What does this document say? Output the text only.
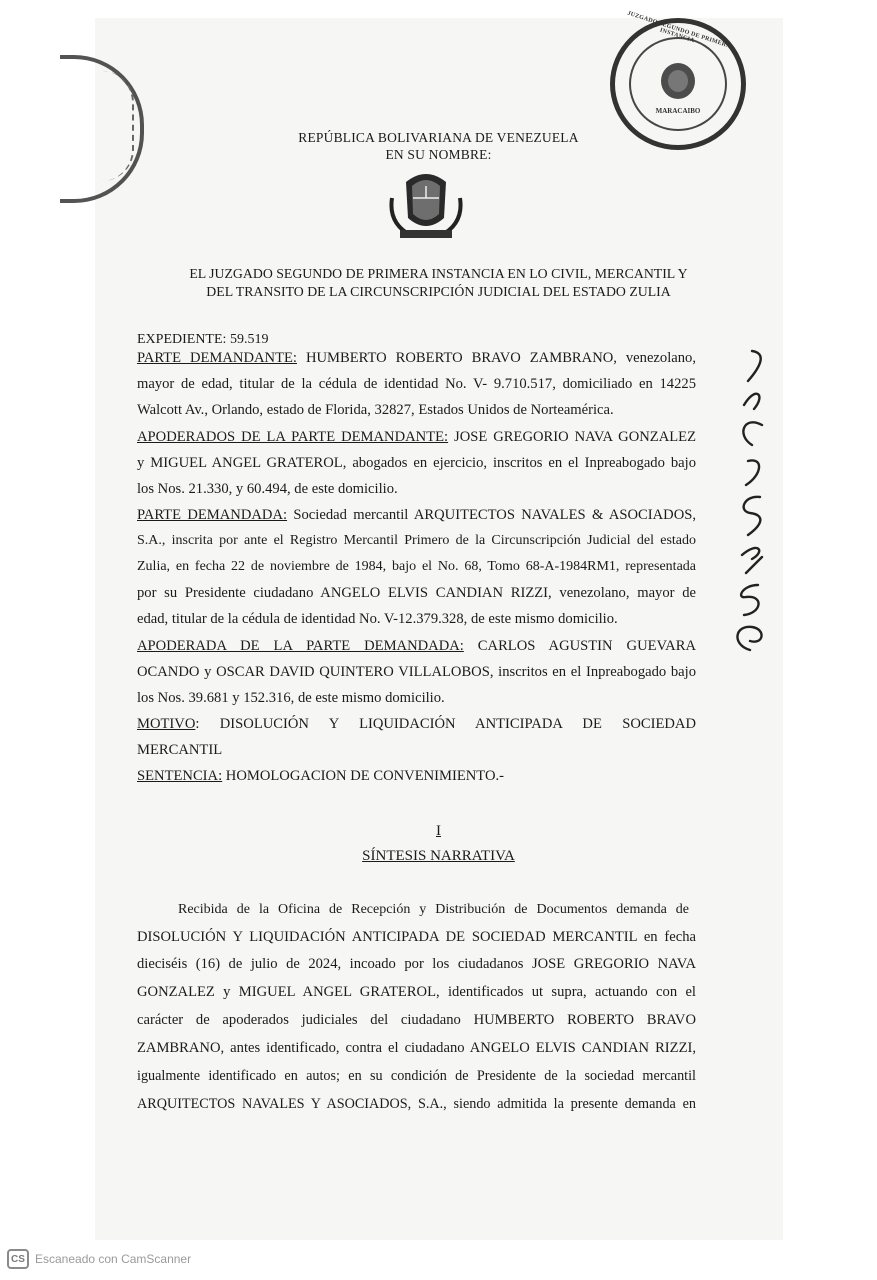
JUZGADO SEGUNDO DE PRIMERA INSTANCIA
MARACAIBO
REPÚBLICA BOLIVARIANA DE VENEZUELA
EN SU NOMBRE:
EL JUZGADO SEGUNDO DE PRIMERA INSTANCIA EN LO CIVIL, MERCANTIL Y
DEL TRANSITO DE LA CIRCUNSCRIPCIÓN JUDICIAL DEL ESTADO ZULIA
EXPEDIENTE: 59.519
PARTE DEMANDANTE: HUMBERTO ROBERTO BRAVO ZAMBRANO, venezolano,
mayor de edad, titular de la cédula de identidad No. V- 9.710.517, domiciliado en 14225
Walcott Av., Orlando, estado de Florida, 32827, Estados Unidos de Norteamérica.
APODERADOS DE LA PARTE DEMANDANTE: JOSE GREGORIO NAVA GONZALEZ
y MIGUEL ANGEL GRATEROL, abogados en ejercicio, inscritos en el Inpreabogado bajo
los Nos. 21.330, y 60.494, de este domicilio.
PARTE DEMANDADA: Sociedad mercantil ARQUITECTOS NAVALES & ASOCIADOS,
S.A., inscrita por ante el Registro Mercantil Primero de la Circunscripción Judicial del estado
Zulia, en fecha 22 de noviembre de 1984, bajo el No. 68, Tomo 68-A-1984RM1, representada
por su Presidente ciudadano ANGELO ELVIS CANDIAN RIZZI, venezolano, mayor de
edad, titular de la cédula de identidad No. V-12.379.328, de este mismo domicilio.
APODERADA DE LA PARTE DEMANDADA: CARLOS AGUSTIN GUEVARA
OCANDO y OSCAR DAVID QUINTERO VILLALOBOS, inscritos en el Inpreabogado bajo
los Nos. 39.681 y 152.316, de este mismo domicilio.
MOTIVO: DISOLUCIÓN Y LIQUIDACIÓN ANTICIPADA DE SOCIEDAD
MERCANTIL
SENTENCIA: HOMOLOGACION DE CONVENIMIENTO.-
I
SÍNTESIS NARRATIVA
Recibida de la Oficina de Recepción y Distribución de Documentos demanda de
DISOLUCIÓN Y LIQUIDACIÓN ANTICIPADA DE SOCIEDAD MERCANTIL en fecha
dieciséis (16) de julio de 2024, incoado por los ciudadanos JOSE GREGORIO NAVA
GONZALEZ y MIGUEL ANGEL GRATEROL, identificados ut supra, actuando con el
carácter de apoderados judiciales del ciudadano HUMBERTO ROBERTO BRAVO
ZAMBRANO, antes identificado, contra el ciudadano ANGELO ELVIS CANDIAN RIZZI,
igualmente identificado en autos; en su condición de Presidente de la sociedad mercantil
ARQUITECTOS NAVALES Y ASOCIADOS, S.A., siendo admitida la presente demanda en
CS Escaneado con CamScanner
